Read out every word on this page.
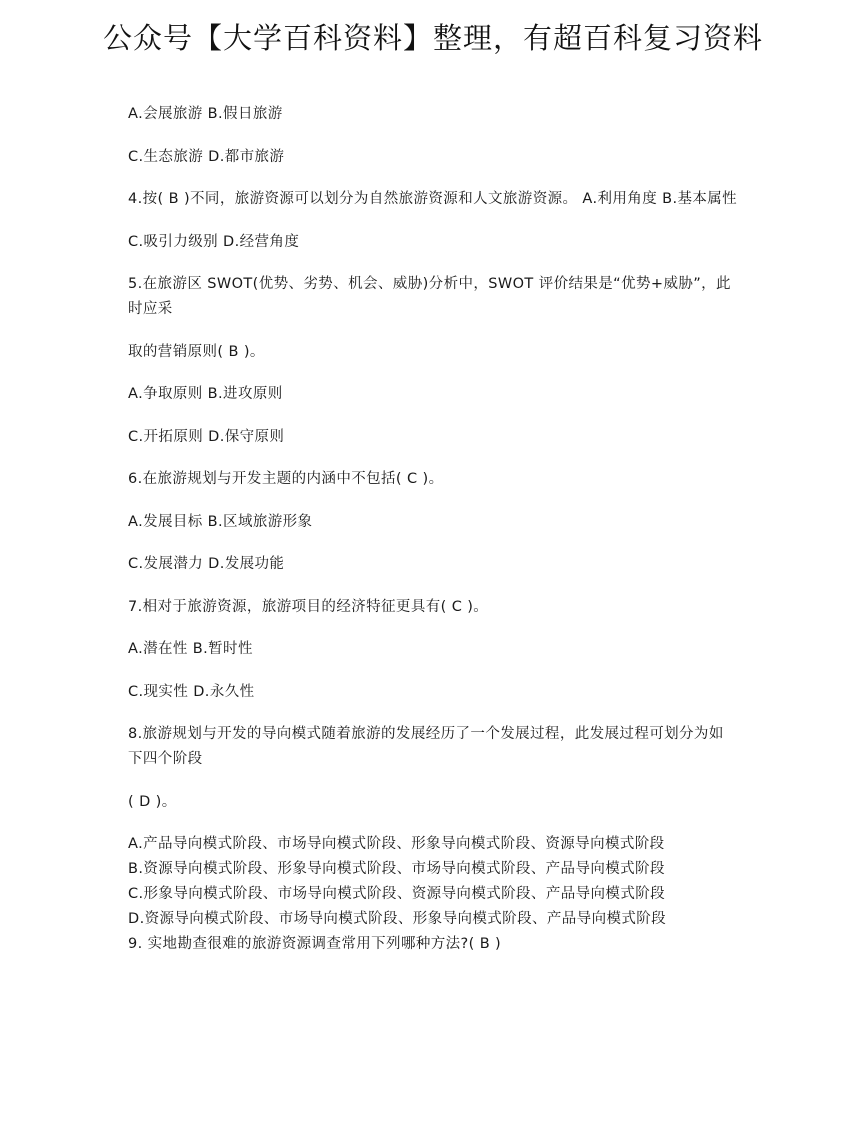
公众号【大学百科资料】整理，有超百科复习资料

A.会展旅游 B.假日旅游

C.生态旅游 D.都市旅游

4.按( B )不同，旅游资源可以划分为自然旅游资源和人文旅游资源。 A.利用角度 B.基本属性

C.吸引力级别 D.经营角度

5.在旅游区 SWOT(优势、劣势、机会、威胁)分析中，SWOT 评价结果是“优势+威胁”，此时应采

取的营销原则( B )。

A.争取原则 B.进攻原则

C.开拓原则 D.保守原则

6.在旅游规划与开发主题的内涵中不包括( C )。

A.发展目标 B.区域旅游形象

C.发展潜力 D.发展功能

7.相对于旅游资源，旅游项目的经济特征更具有( C )。

A.潜在性 B.暂时性

C.现实性 D.永久性

8.旅游规划与开发的导向模式随着旅游的发展经历了一个发展过程，此发展过程可划分为如下四个阶段

( D )。

A.产品导向模式阶段、市场导向模式阶段、形象导向模式阶段、资源导向模式阶段

B.资源导向模式阶段、形象导向模式阶段、市场导向模式阶段、产品导向模式阶段

C.形象导向模式阶段、市场导向模式阶段、资源导向模式阶段、产品导向模式阶段

D.资源导向模式阶段、市场导向模式阶段、形象导向模式阶段、产品导向模式阶段

9. 实地勘查很难的旅游资源调查常用下列哪种方法?( B )
